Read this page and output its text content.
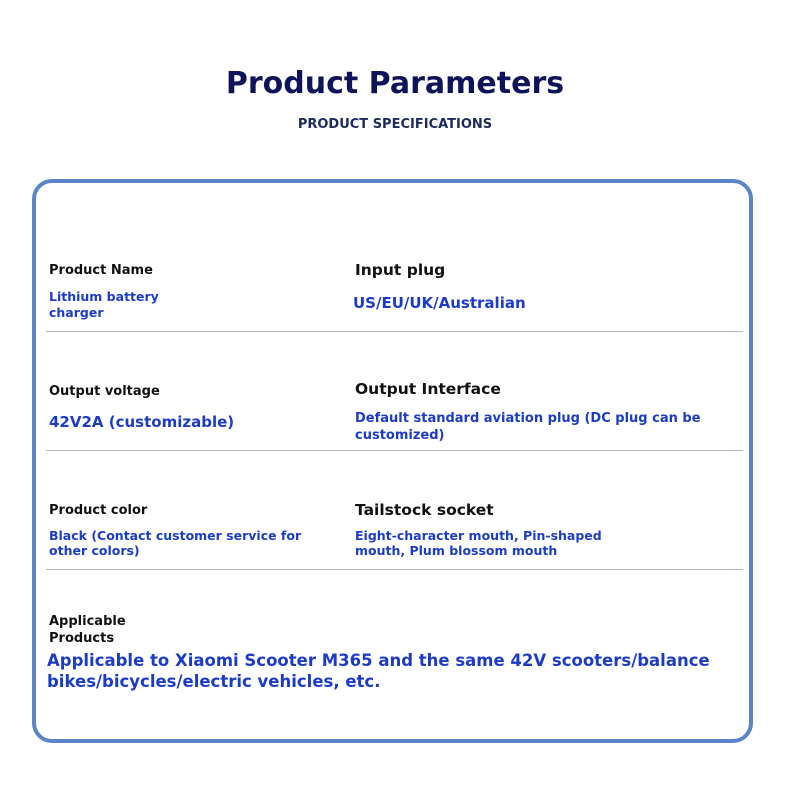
Product Parameters
PRODUCT SPECIFICATIONS
Product Name
Lithium battery charger
Input plug
US/EU/UK/Australian
Output voltage
42V2A (customizable)
Output Interface
Default standard aviation plug (DC plug can be customized)
Product color
Black (Contact customer service for other colors)
Tailstock socket
Eight-character mouth, Pin-shaped mouth, Plum blossom mouth
Applicable Products
Applicable to Xiaomi Scooter M365 and the same 42V scooters/balance bikes/bicycles/electric vehicles, etc.
